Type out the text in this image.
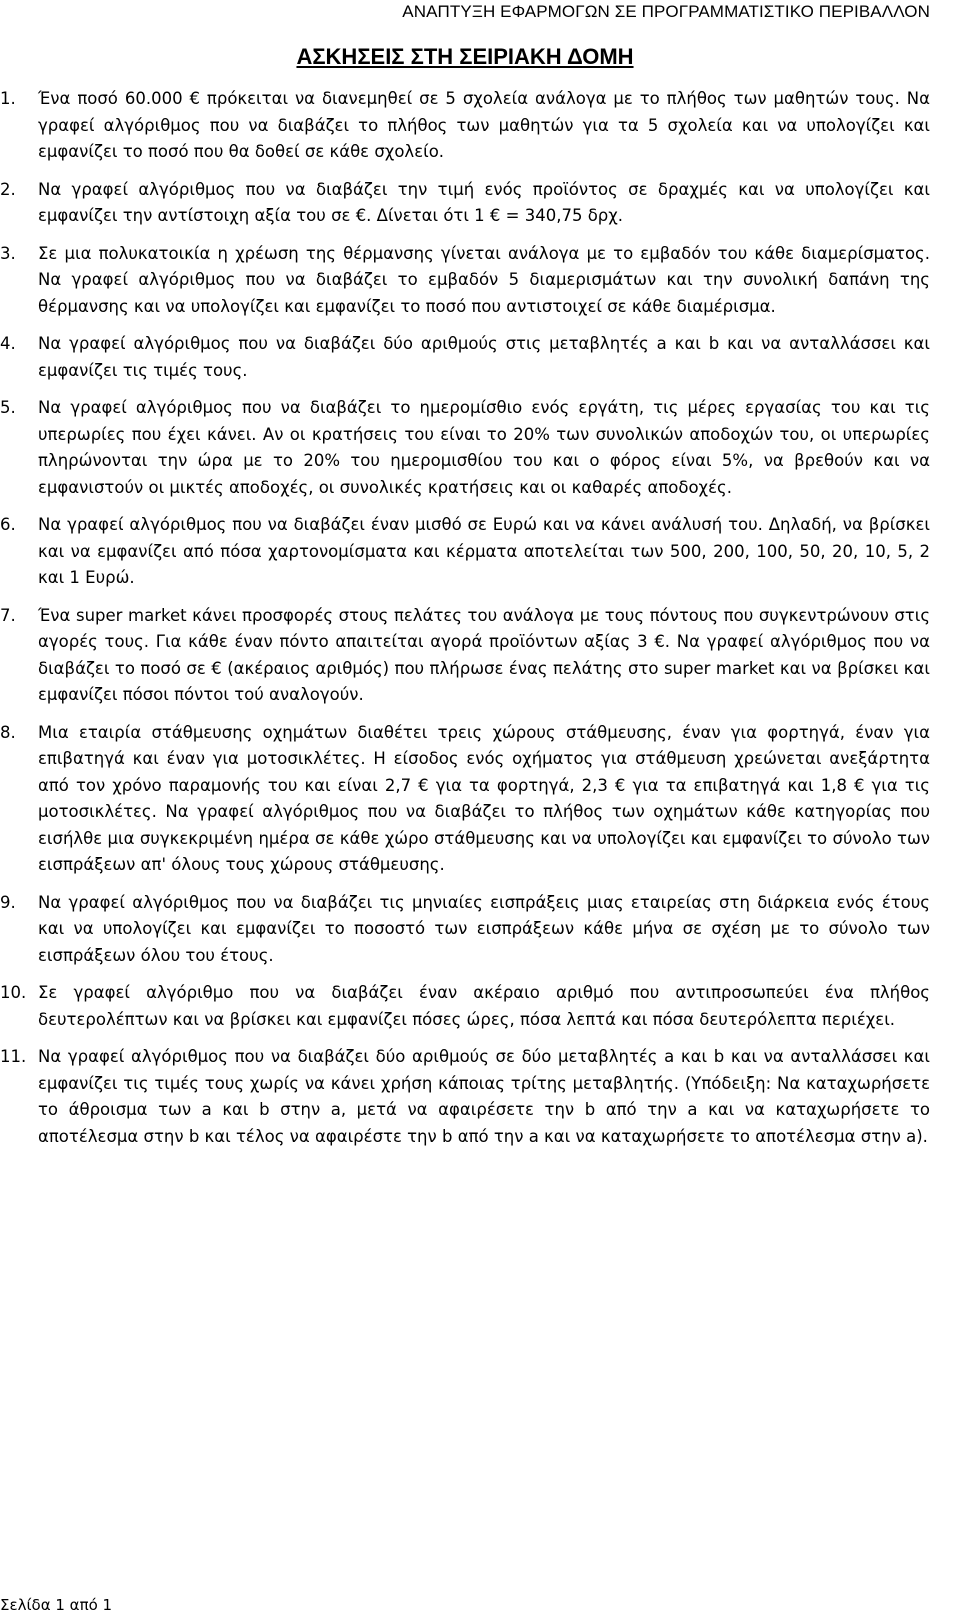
ΑΝΑΠΤΥΞΗ ΕΦΑΡΜΟΓΩΝ ΣΕ ΠΡΟΓΡΑΜΜΑΤΙΣΤΙΚΟ ΠΕΡΙΒΑΛΛΟΝ
ΑΣΚΗΣΕΙΣ ΣΤΗ ΣΕΙΡΙΑΚΗ ΔΟΜΗ
1. Ένα ποσό 60.000 € πρόκειται να διανεμηθεί σε 5 σχολεία ανάλογα με το πλήθος των μαθητών τους. Να γραφεί αλγόριθμος που να διαβάζει το πλήθος των μαθητών για τα 5 σχολεία και να υπολογίζει και εμφανίζει το ποσό που θα δοθεί σε κάθε σχολείο.
2. Να γραφεί αλγόριθμος που να διαβάζει την τιμή ενός προϊόντος σε δραχμές και να υπολογίζει και εμφανίζει την αντίστοιχη αξία του σε €. Δίνεται ότι 1 € = 340,75 δρχ.
3. Σε μια πολυκατοικία η χρέωση της θέρμανσης γίνεται ανάλογα με το εμβαδόν του κάθε διαμερίσματος. Να γραφεί αλγόριθμος που να διαβάζει το εμβαδόν 5 διαμερισμάτων και την συνολική δαπάνη της θέρμανσης και να υπολογίζει και εμφανίζει το ποσό που αντιστοιχεί σε κάθε διαμέρισμα.
4. Να γραφεί αλγόριθμος που να διαβάζει δύο αριθμούς στις μεταβλητές a και b και να ανταλλάσσει και εμφανίζει τις τιμές τους.
5. Να γραφεί αλγόριθμος που να διαβάζει το ημερομίσθιο ενός εργάτη, τις μέρες εργασίας του και τις υπερωρίες που έχει κάνει. Αν οι κρατήσεις του είναι το 20% των συνολικών αποδοχών του, οι υπερωρίες πληρώνονται την ώρα με το 20% του ημερομισθίου του και ο φόρος είναι 5%, να βρεθούν και να εμφανιστούν οι μικτές αποδοχές, οι συνολικές κρατήσεις και οι καθαρές αποδοχές.
6. Να γραφεί αλγόριθμος που να διαβάζει έναν μισθό σε Ευρώ και να κάνει ανάλυσή του. Δηλαδή, να βρίσκει και να εμφανίζει από πόσα χαρτονομίσματα και κέρματα αποτελείται των 500, 200, 100, 50, 20, 10, 5, 2 και 1 Ευρώ.
7. Ένα super market κάνει προσφορές στους πελάτες του ανάλογα με τους πόντους που συγκεντρώνουν στις αγορές τους. Για κάθε έναν πόντο απαιτείται αγορά προϊόντων αξίας 3 €. Να γραφεί αλγόριθμος που να διαβάζει το ποσό σε € (ακέραιος αριθμός) που πλήρωσε ένας πελάτης στο super market και να βρίσκει και εμφανίζει πόσοι πόντοι τού αναλογούν.
8. Μια εταιρία στάθμευσης οχημάτων διαθέτει τρεις χώρους στάθμευσης, έναν για φορτηγά, έναν για επιβατηγά και έναν για μοτοσικλέτες. Η είσοδος ενός οχήματος για στάθμευση χρεώνεται ανεξάρτητα από τον χρόνο παραμονής του και είναι 2,7 € για τα φορτηγά, 2,3 € για τα επιβατηγά και 1,8 € για τις μοτοσικλέτες. Να γραφεί αλγόριθμος που να διαβάζει το πλήθος των οχημάτων κάθε κατηγορίας που εισήλθε μια συγκεκριμένη ημέρα σε κάθε χώρο στάθμευσης και να υπολογίζει και εμφανίζει το σύνολο των εισπράξεων απ' όλους τους χώρους στάθμευσης.
9. Να γραφεί αλγόριθμος που να διαβάζει τις μηνιαίες εισπράξεις μιας εταιρείας στη διάρκεια ενός έτους και να υπολογίζει και εμφανίζει το ποσοστό των εισπράξεων κάθε μήνα σε σχέση με το σύνολο των εισπράξεων όλου του έτους.
10. Σε γραφεί αλγόριθμο που να διαβάζει έναν ακέραιο αριθμό που αντιπροσωπεύει ένα πλήθος δευτερολέπτων και να βρίσκει και εμφανίζει πόσες ώρες, πόσα λεπτά και πόσα δευτερόλεπτα περιέχει.
11. Να γραφεί αλγόριθμος που να διαβάζει δύο αριθμούς σε δύο μεταβλητές a και b και να ανταλλάσσει και εμφανίζει τις τιμές τους χωρίς να κάνει χρήση κάποιας τρίτης μεταβλητής. (Υπόδειξη: Να καταχωρήσετε το άθροισμα των a και b στην a, μετά να αφαιρέσετε την b από την a και να καταχωρήσετε το αποτέλεσμα στην b και τέλος να αφαιρέστε την b από την a και να καταχωρήσετε το αποτέλεσμα στην a).
Σελίδα 1 από 1
